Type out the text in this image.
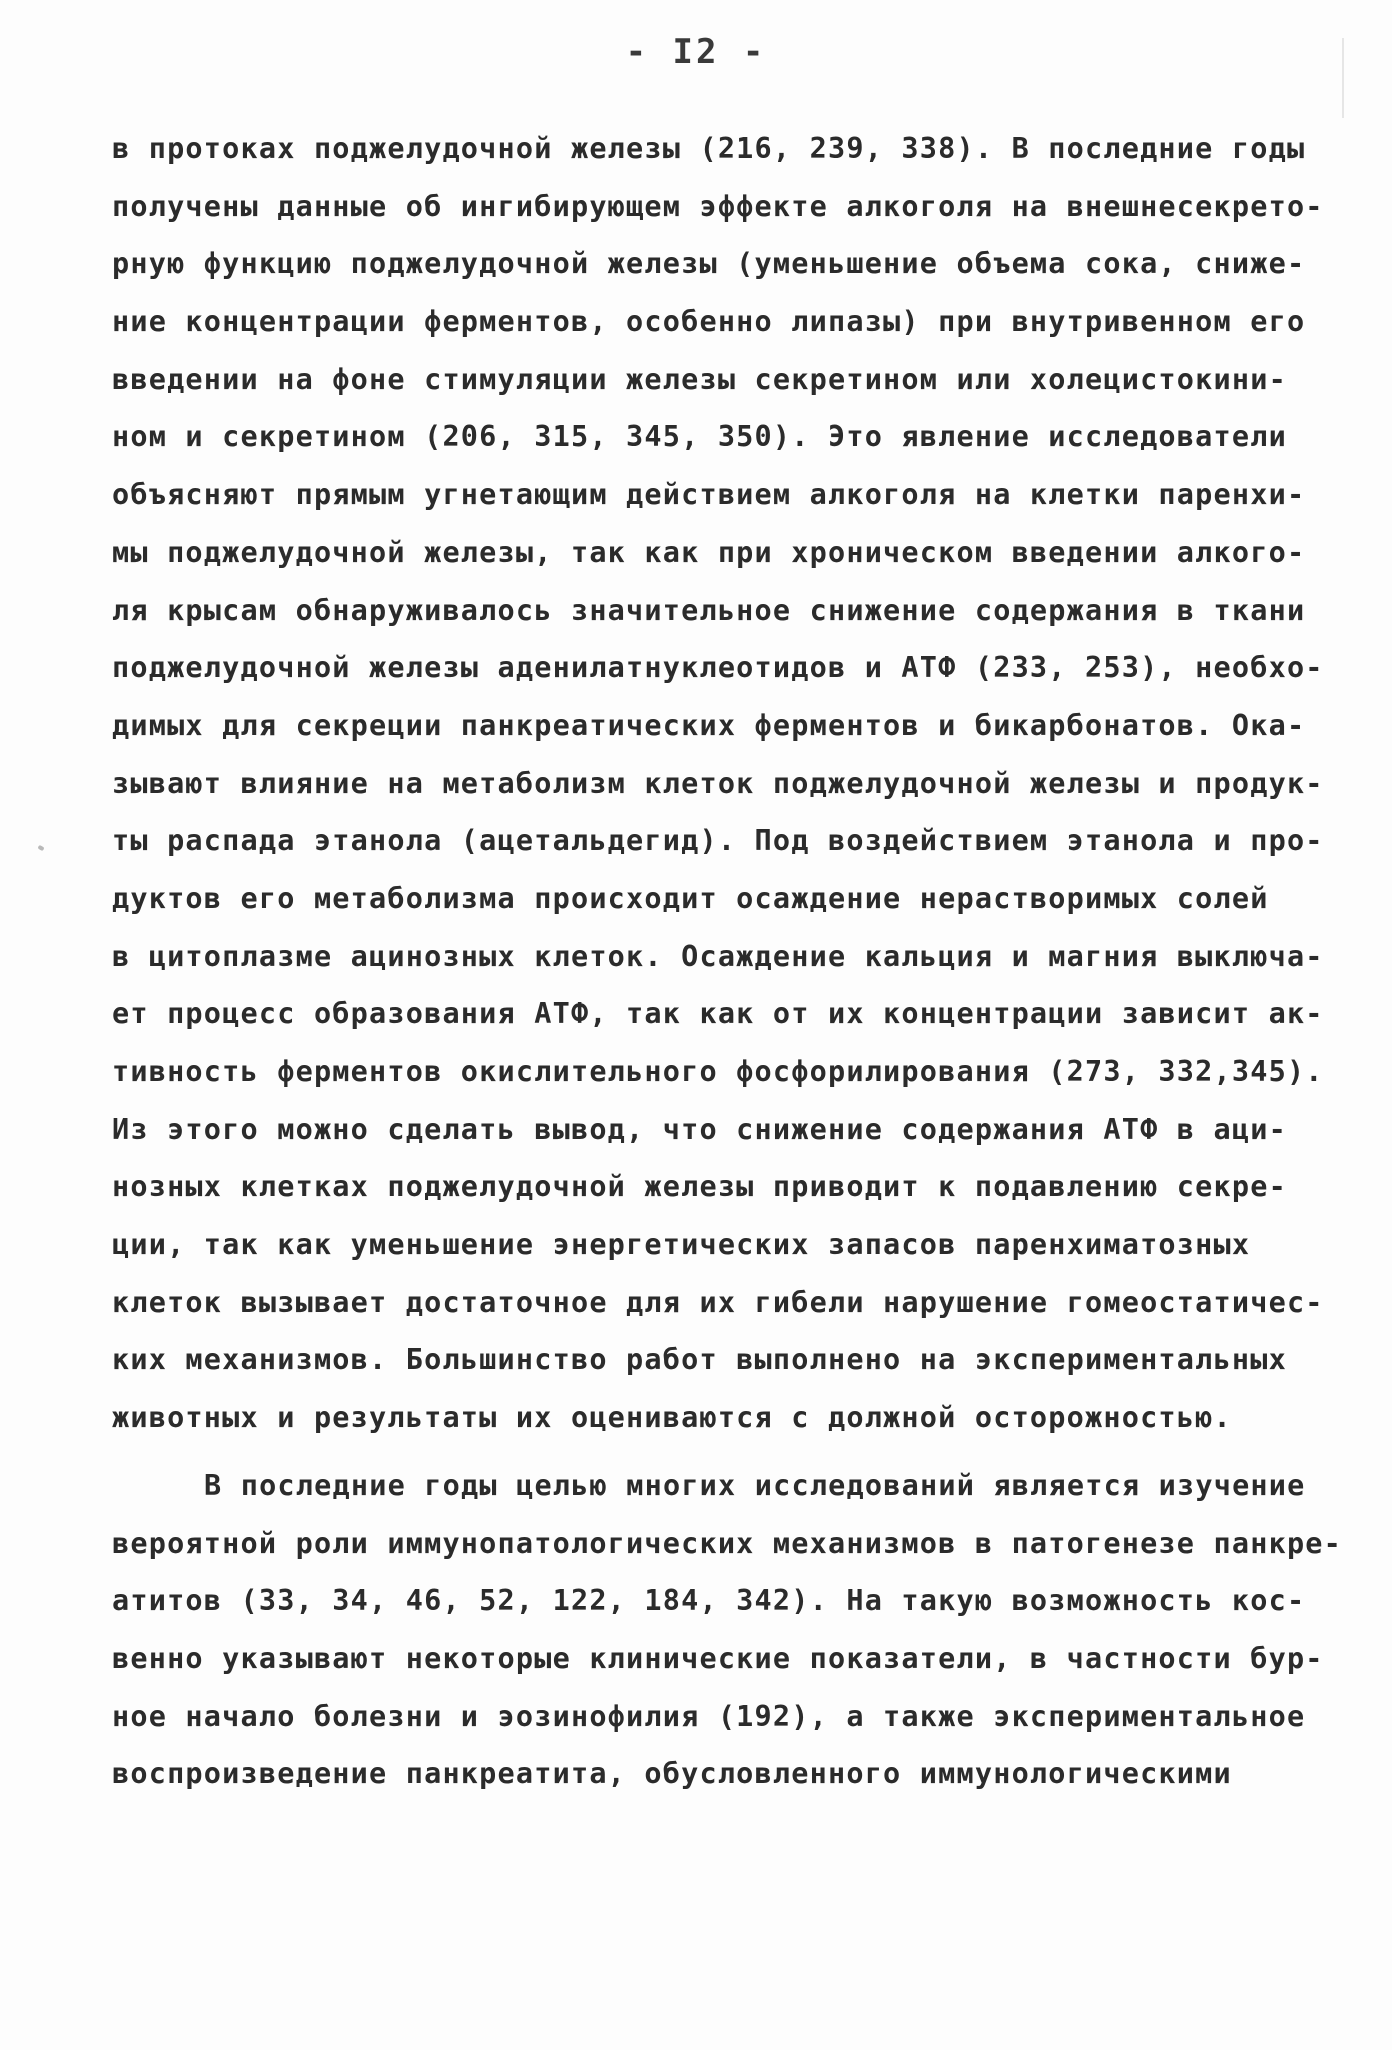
- I2 -
в протоках поджелудочной железы (216, 239, 338). В последние годы
получены данные об ингибирующем эффекте алкоголя на внешнесекрето-
рную функцию поджелудочной железы (уменьшение объема сока, сниже-
ние концентрации ферментов, особенно липазы) при внутривенном его
введении на фоне стимуляции железы секретином или холецистокини-
ном и секретином (206, 315, 345, 350). Это явление исследователи
объясняют прямым угнетающим действием алкоголя на клетки паренхи-
мы поджелудочной железы, так как при хроническом введении алкого-
ля крысам обнаруживалось значительное снижение содержания в ткани
поджелудочной железы аденилатнуклеотидов и АТФ (233, 253), необхо-
димых для секреции панкреатических ферментов и бикарбонатов. Ока-
зывают влияние на метаболизм клеток поджелудочной железы и продук-
ты распада этанола (ацетальдегид). Под воздействием этанола и про-
дуктов его метаболизма происходит осаждение нерастворимых солей
в цитоплазме ацинозных клеток. Осаждение кальция и магния выключа-
ет процесс образования АТФ, так как от их концентрации зависит ак-
тивность ферментов окислительного фосфорилирования (273, 332,345).
Из этого можно сделать вывод, что снижение содержания АТФ в аци-
нозных клетках поджелудочной железы приводит к подавлению секре-
ции, так как уменьшение энергетических запасов паренхиматозных
клеток вызывает достаточное для их гибели нарушение гомеостатичес-
ких механизмов. Большинство работ выполнено на экспериментальных
животных и результаты их оцениваются с должной осторожностью.
В последние годы целью многих исследований является изучение
вероятной роли иммунопатологических механизмов в патогенезе панкре-
атитов (33, 34, 46, 52, 122, 184, 342). На такую возможность кос-
венно указывают некоторые клинические показатели, в частности бур-
ное начало болезни и эозинофилия (192), а также экспериментальное
воспроизведение панкреатита, обусловленного иммунологическими
